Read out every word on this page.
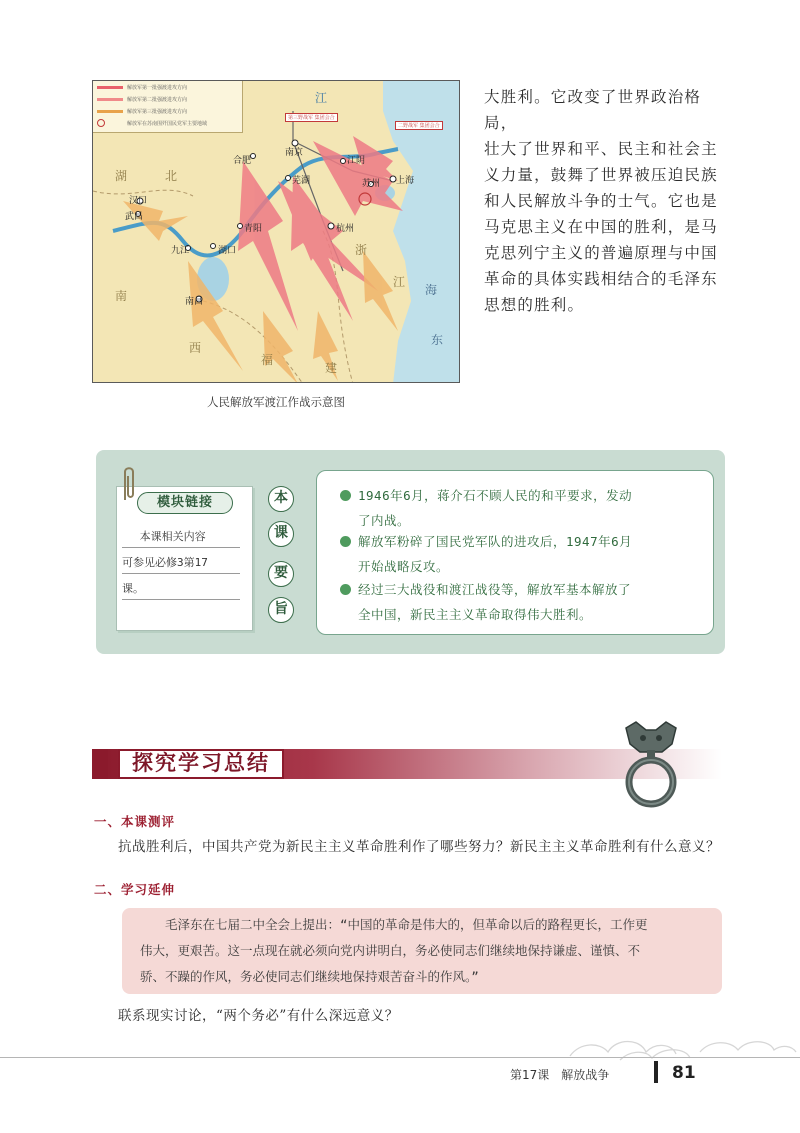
解放军第一批强渡进攻方向
解放军第二批强渡进攻方向
解放军第三批强渡进攻方向
解放军在苏南围歼国民党军主要地域
第三野战军 集团会合
二野战军 集团会合
南京
合肥
芜湖
江阴
上海
苏州
杭州
青阳
湖口
九江
南昌
汉口
武昌
江
湖	北
南
浙
江
西
福
建
海
东
人民解放军渡江作战示意图
大胜利。它改变了世界政治格局，
壮大了世界和平、民主和社会主
义力量，鼓舞了世界被压迫民族
和人民解放斗争的士气。它也是
马克思主义在中国的胜利，是马
克思列宁主义的普遍原理与中国
革命的具体实践相结合的毛泽东
思想的胜利。
模块链接
　 本课相关内容
可参见必修3第17
课。
本
课
要
旨
1946年6月，蒋介石不顾人民的和平要求，发动
了内战。
解放军粉碎了国民党军队的进攻后，1947年6月
开始战略反攻。
经过三大战役和渡江战役等，解放军基本解放了
全中国，新民主主义革命取得伟大胜利。
探究学习总结
一、本课测评
抗战胜利后，中国共产党为新民主主义革命胜利作了哪些努力？新民主主义革命胜利有什么意义？
二、学习延伸
　　毛泽东在七届二中全会上提出：“中国的革命是伟大的，但革命以后的路程更长，工作更
伟大，更艰苦。这一点现在就必须向党内讲明白，务必使同志们继续地保持谦虚、谨慎、不
骄、不躁的作风，务必使同志们继续地保持艰苦奋斗的作风。”
联系现实讨论，“两个务必”有什么深远意义？
第17课　解放战争	81
